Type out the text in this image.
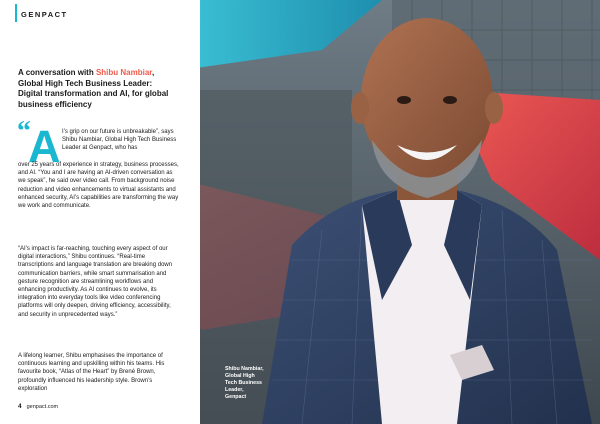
GENPACT
A conversation with Shibu Nambiar, Global High Tech Business Leader: Digital transformation and AI, for global business efficiency
“
A I’s grip on our future is unbreakable”, says Shibu Nambiar, Global High Tech Business Leader at Genpact, who has

over 25 years of experience in strategy, business processes, and AI. “You and I are having an AI-driven conversation as we speak”, he said over video call. From background noise reduction and video enhancements to virtual assistants and enhanced security, AI’s capabilities are transforming the way we work and communicate.

“AI’s impact is far-reaching, touching every aspect of our digital interactions,” Shibu continues. “Real-time transcriptions and language translation are breaking down communication barriers, while smart summarisation and gesture recognition are streamlining workflows and enhancing productivity. As AI continues to evolve, its integration into everyday tools like video conferencing platforms will only deepen, driving efficiency, accessibility, and security in unprecedented ways.”

A lifelong learner, Shibu emphasises the importance of continuous learning and upskilling within his teams. His favourite book, “Atlas of the Heart” by Brené Brown, profoundly influenced his leadership style. Brown’s exploration

4 genpact.com
Shibu Nambiar,
Global High
Tech Business
Leader,
Genpact
